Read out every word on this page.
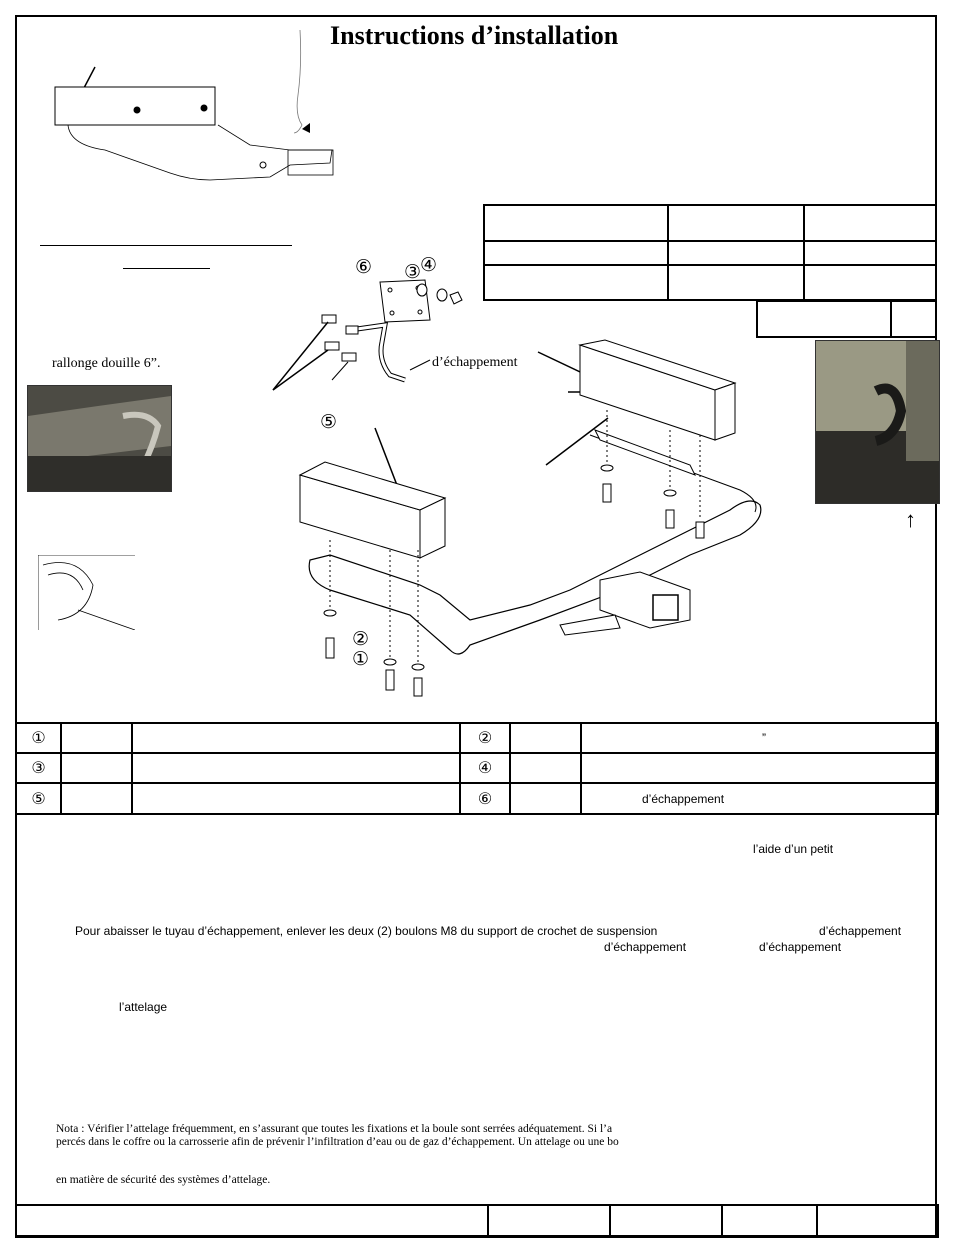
Instructions d’installation

rallonge douille 6”.	d’échappement
↑
⑥ ③
④
⑤
②
①
①			②		”
③			④		
⑤			⑥		d’échappement
l’aide d’un petit
Pour abaisser le tuyau d’échappement, enlever les deux (2) boulons M8 du support de crochet de suspension	d’échappement
d’échappement	d’échappement
l’attelage
Nota : Vérifier l’attelage fréquemment, en s’assurant que toutes les fixations et la boule sont serrées adéquatement. Si l’a
percés dans le coffre ou la carrosserie afin de prévenir l’infiltration d’eau ou de gaz d’échappement. Un attelage ou une bo
en matière de sécurité des systèmes d’attelage.
